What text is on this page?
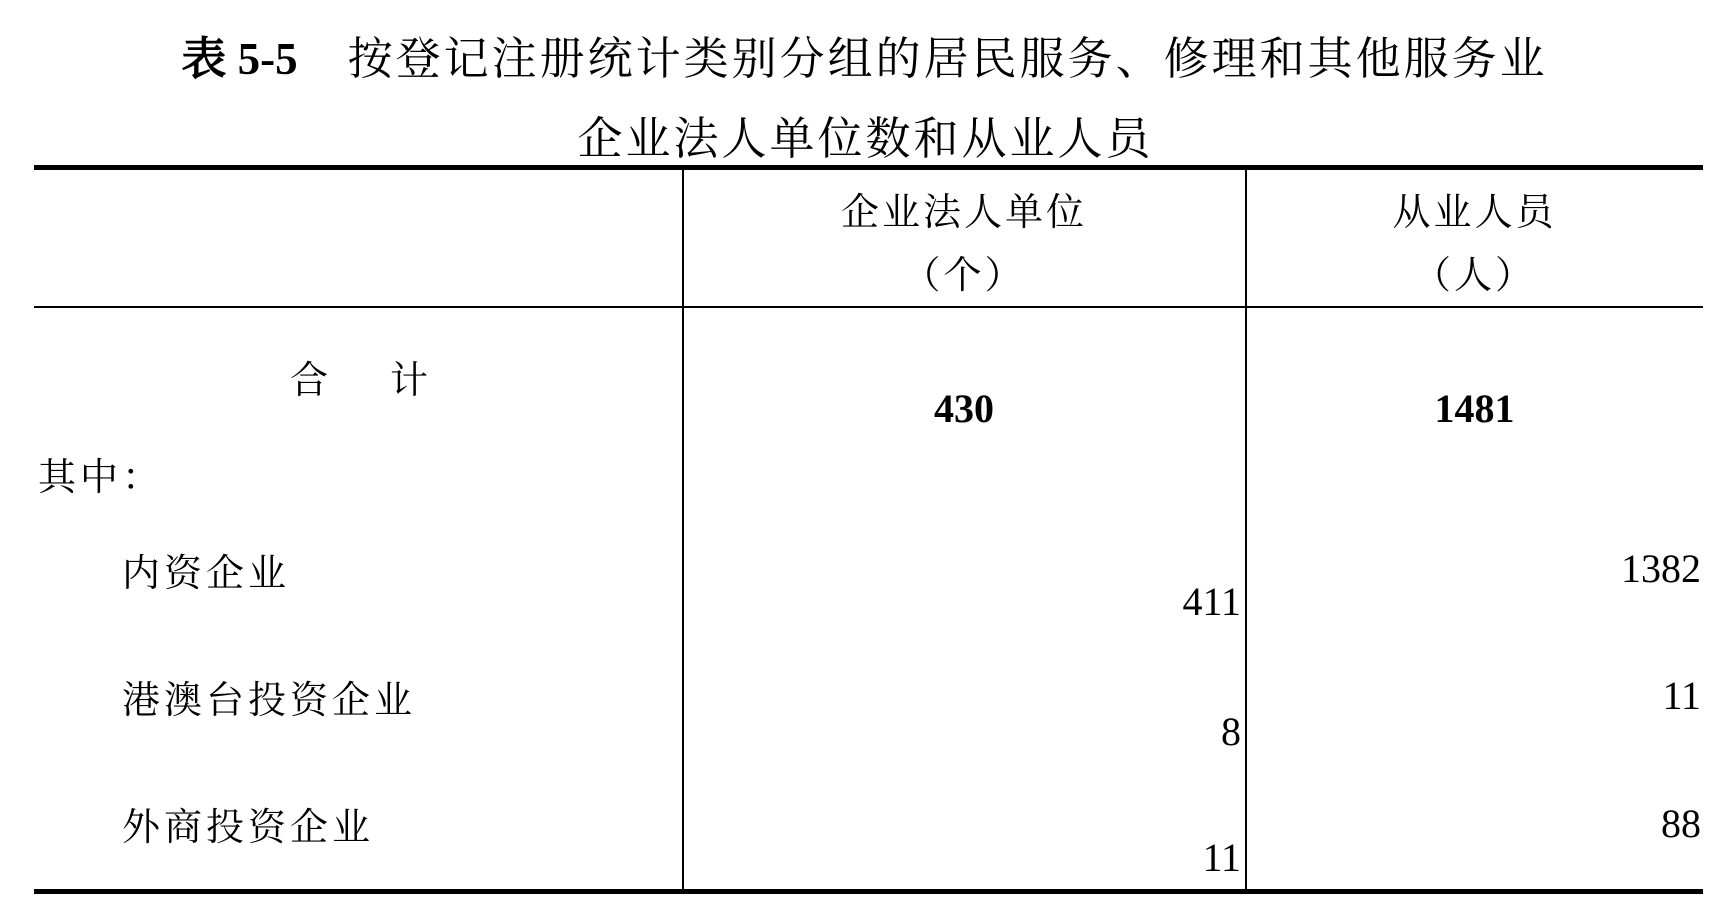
表 5-5 按登记注册统计类别分组的居民服务、修理和其他服务业
企业法人单位数和从业人员
企业法人单位
（个）
从业人员
（人）
合　计
430	1481
其中：
内资企业
411
1382
港澳台投资企业
8
11
外商投资企业
11
88
